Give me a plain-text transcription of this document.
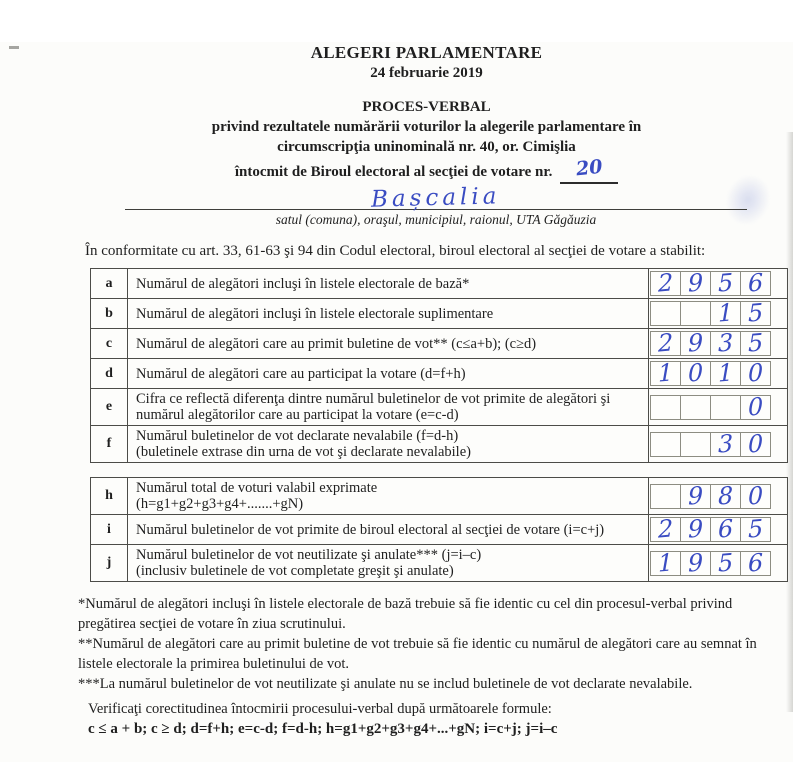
ALEGERI PARLAMENTARE
24 februarie 2019
PROCES-VERBAL
privind rezultatele numărării voturilor la alegerile parlamentare în
circumscripţia uninominală nr. 40, or. Cimişlia
întocmit de Biroul electoral al secţiei de votare nr. 20
Bașcalia
satul (comuna), oraşul, municipiul, raionul, UTA Găgăuzia
În conformitate cu art. 33, 61-63 şi 94 din Codul electoral, biroul electoral al secţiei de votare a stabilit:
a	Numărul de alegători incluşi în listele electorale de bază*	2 9 5 6
b	Numărul de alegători incluşi în listele electorale suplimentare	1 5
c	Numărul de alegători care au primit buletine de vot** (c≤a+b); (c≥d)	2 9 3 5
d	Numărul de alegători care au participat la votare (d=f+h)	1 0 1 0
e	Cifra ce reflectă diferenţa dintre numărul buletinelor de vot primite de alegători şi
numărul alegătorilor care au participat la votare (e=c-d)	0
f	Numărul buletinelor de vot declarate nevalabile (f=d-h)
(buletinele extrase din urna de vot şi declarate nevalabile)	3 0
h	Numărul total de voturi valabil exprimate
(h=g1+g2+g3+g4+.......+gN)	9 8 0
i	Numărul buletinelor de vot primite de biroul electoral al secţiei de votare (i=c+j)	2 9 6 5
j	Numărul buletinelor de vot neutilizate şi anulate*** (j=i–c)
(inclusiv buletinele de vot completate greşit şi anulate)	1 9 5 6
*Numărul de alegători incluşi în listele electorale de bază trebuie să fie identic cu cel din procesul-verbal privind pregătirea secţiei de votare în ziua scrutinului.
**Numărul de alegători care au primit buletine de vot trebuie să fie identic cu numărul de alegători care au semnat în listele electorale la primirea buletinului de vot.
***La numărul buletinelor de vot neutilizate şi anulate nu se includ buletinele de vot declarate nevalabile.
Verificaţi corectitudinea întocmirii procesului-verbal după următoarele formule:
c ≤ a + b; c ≥ d; d=f+h; e=c-d; f=d-h; h=g1+g2+g3+g4+...+gN; i=c+j; j=i–c
